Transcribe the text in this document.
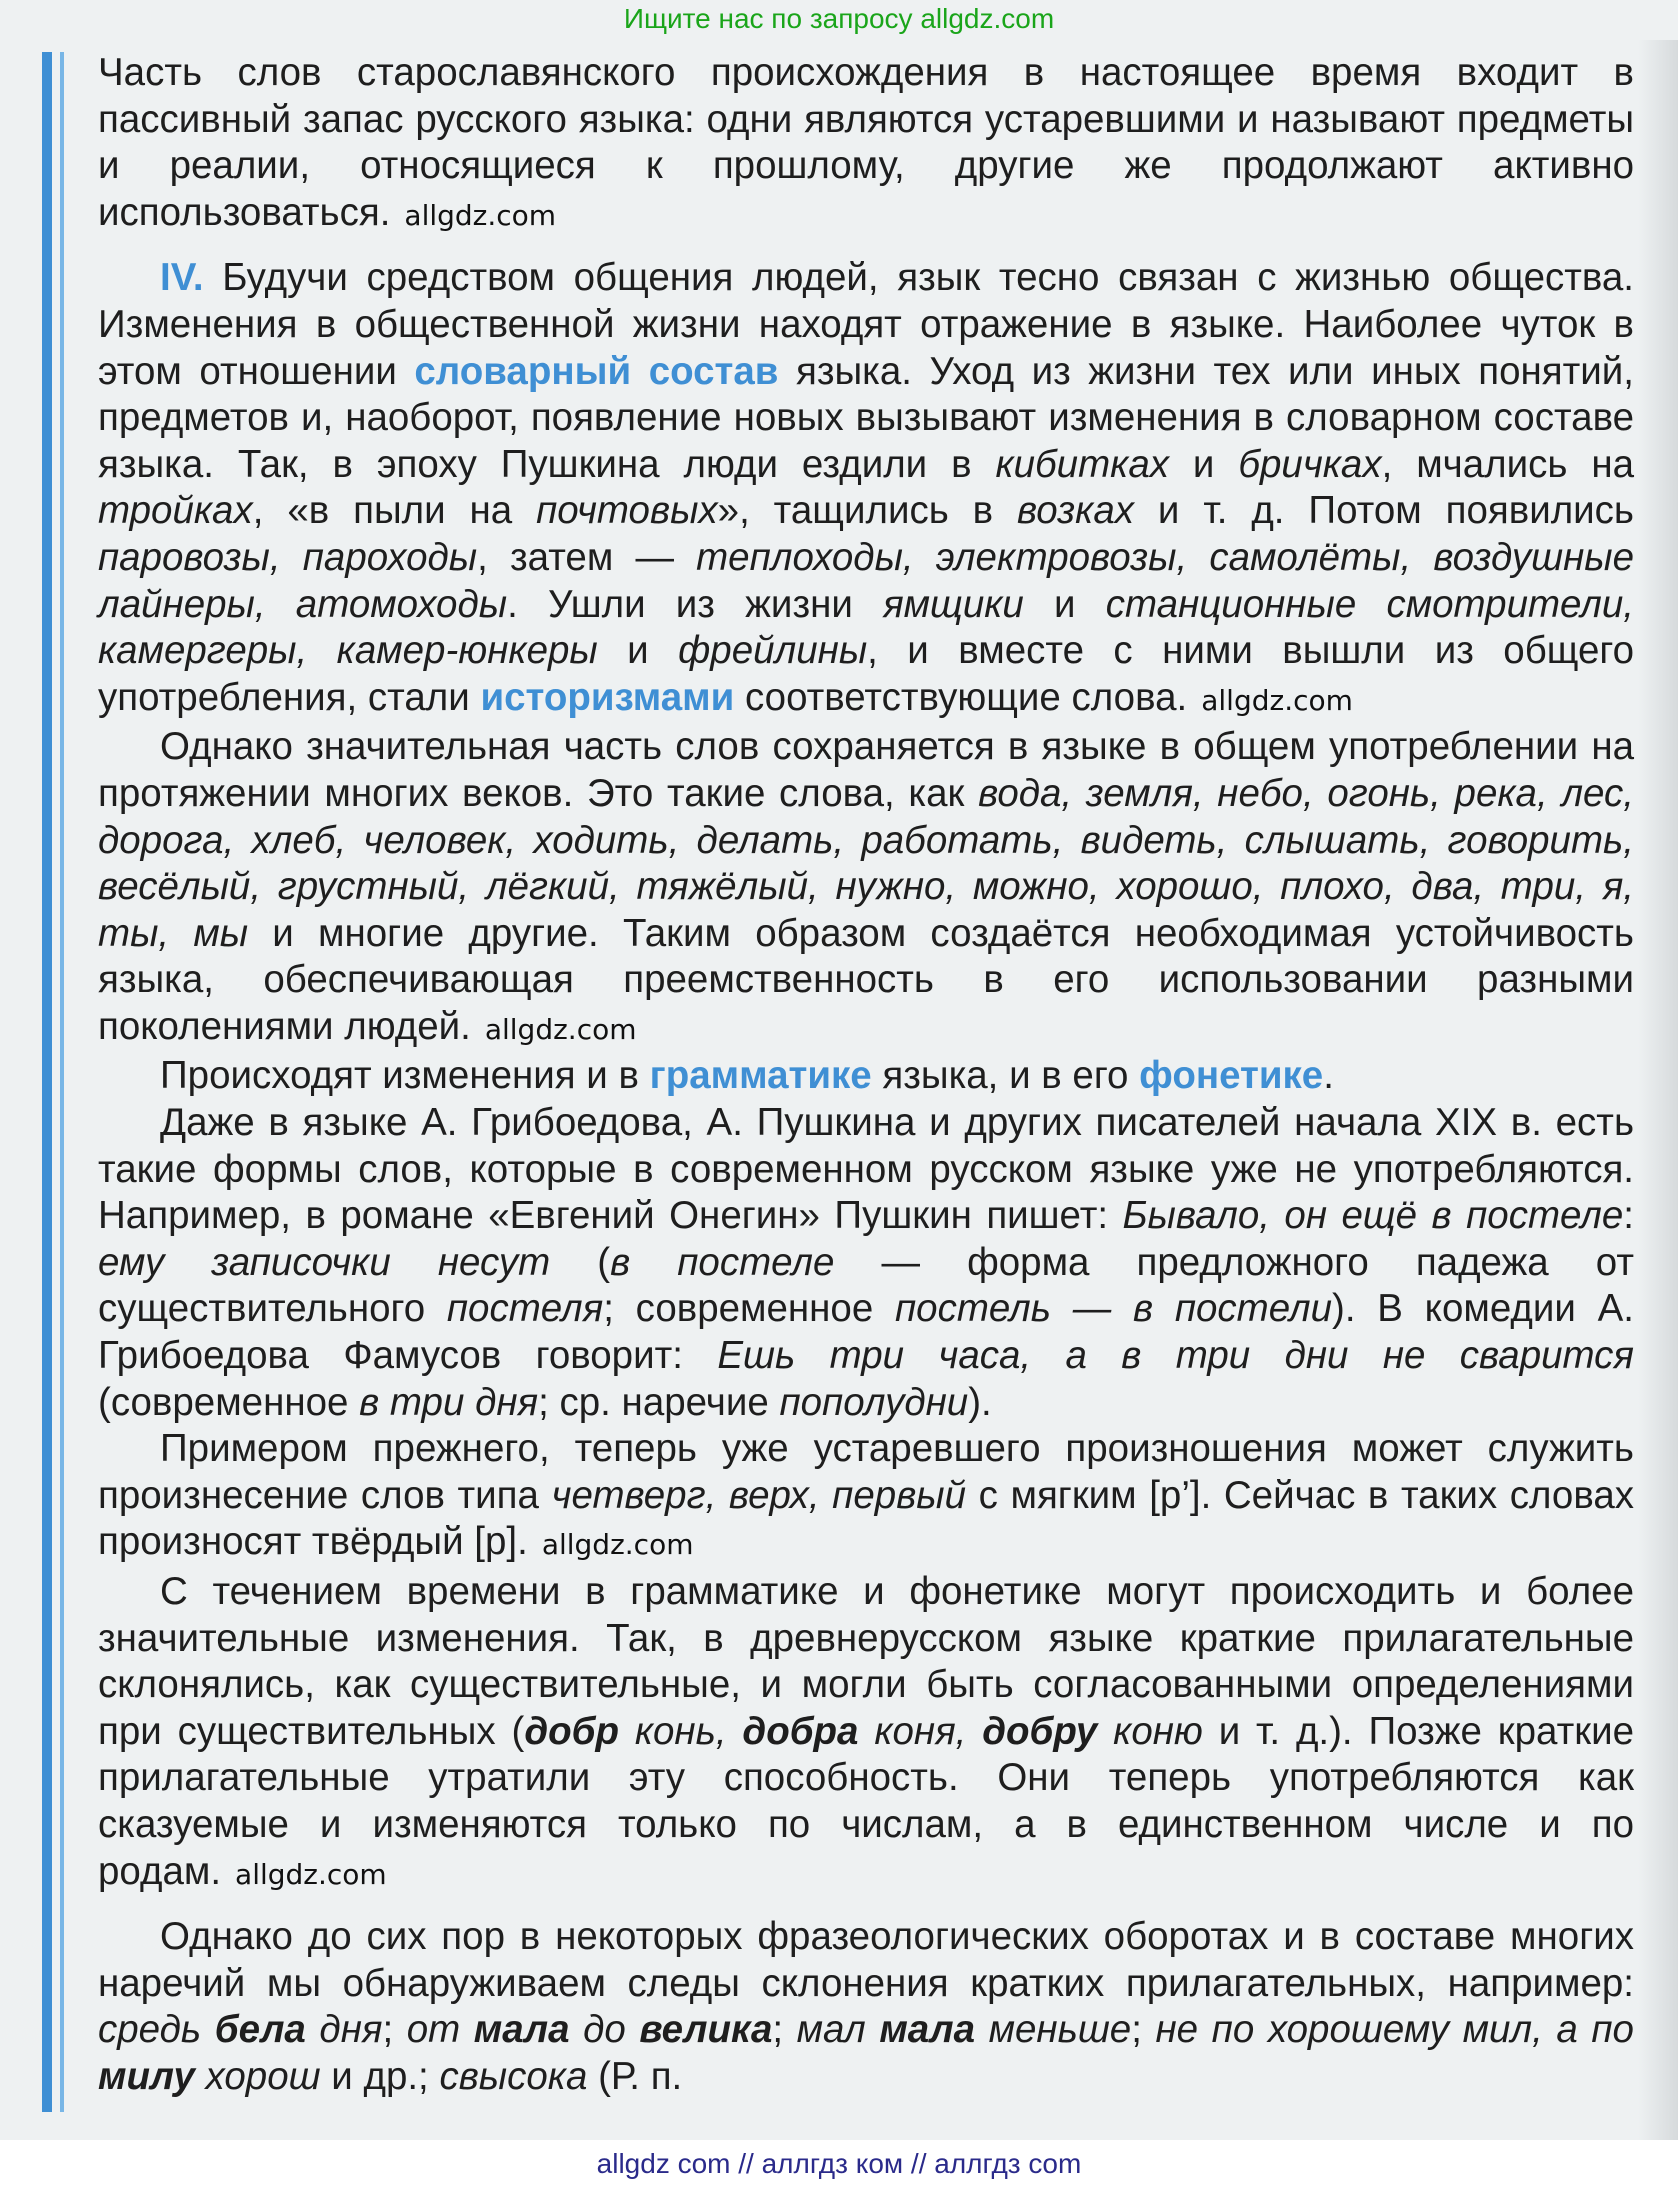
Ищите нас по запросу allgdz.com

Часть слов старославянского происхождения в настоящее время входит в пассивный запас русского языка: одни являются устаревшими и называют предметы и реалии, относящиеся к прошлому, другие же продолжают активно использоваться. allgdz.com

IV. Будучи средством общения людей, язык тесно связан с жизнью общества. Изменения в общественной жизни находят отражение в языке. Наиболее чуток в этом отношении словарный состав языка. Уход из жизни тех или иных понятий, предметов и, наоборот, появление новых вызывают изменения в словарном составе языка. Так, в эпоху Пушкина люди ездили в кибитках и бричках, мчались на тройках, «в пыли на почтовых», тащились в возках и т. д. Потом появились паровозы, пароходы, затем — теплоходы, электровозы, самолёты, воздушные лайнеры, атомоходы. Ушли из жизни ямщики и станционные смотрители, камергеры, камер-юнкеры и фрейлины, и вместе с ними вышли из общего употребления, стали историзмами соответствующие слова. allgdz.com

Однако значительная часть слов сохраняется в языке в общем употреблении на протяжении многих веков. Это такие слова, как вода, земля, небо, огонь, река, лес, дорога, хлеб, человек, ходить, делать, работать, видеть, слышать, говорить, весёлый, грустный, лёгкий, тяжёлый, нужно, можно, хорошо, плохо, два, три, я, ты, мы и многие другие. Таким образом создаётся необходимая устойчивость языка, обеспечивающая преемственность в его использовании разными поколениями людей. allgdz.com

Происходят изменения и в грамматике языка, и в его фонетике.

Даже в языке А. Грибоедова, А. Пушкина и других писателей начала XIX в. есть такие формы слов, которые в современном русском языке уже не употребляются. Например, в романе «Евгений Онегин» Пушкин пишет: Бывало, он ещё в постеле: ему записочки несут (в постеле — форма предложного падежа от существительного постеля; современное постель — в постели). В комедии А. Грибоедова Фамусов говорит: Ешь три часа, а в три дни не сварится (современное в три дня; ср. наречие пополудни).

Примером прежнего, теперь уже устаревшего произношения может служить произнесение слов типа четверг, верх, первый с мягким [р’]. Сейчас в таких словах произносят твёрдый [р]. allgdz.com

С течением времени в грамматике и фонетике могут происходить и более значительные изменения. Так, в древнерусском языке краткие прилагательные склонялись, как существительные, и могли быть согласованными определениями при существительных (добр конь, добра коня, добру коню и т. д.). Позже краткие прилагательные утратили эту способность. Они теперь употребляются как сказуемые и изменяются только по числам, а в единственном числе и по родам. allgdz.com

Однако до сих пор в некоторых фразеологических оборотах и в составе многих наречий мы обнаруживаем следы склонения кратких прилагательных, например: средь бела дня; от мала до велика; мал мала меньше; не по хорошему мил, а по милу хорош и др.; свысока (Р. п.

allgdz com // аллгдз ком // аллгдз com
